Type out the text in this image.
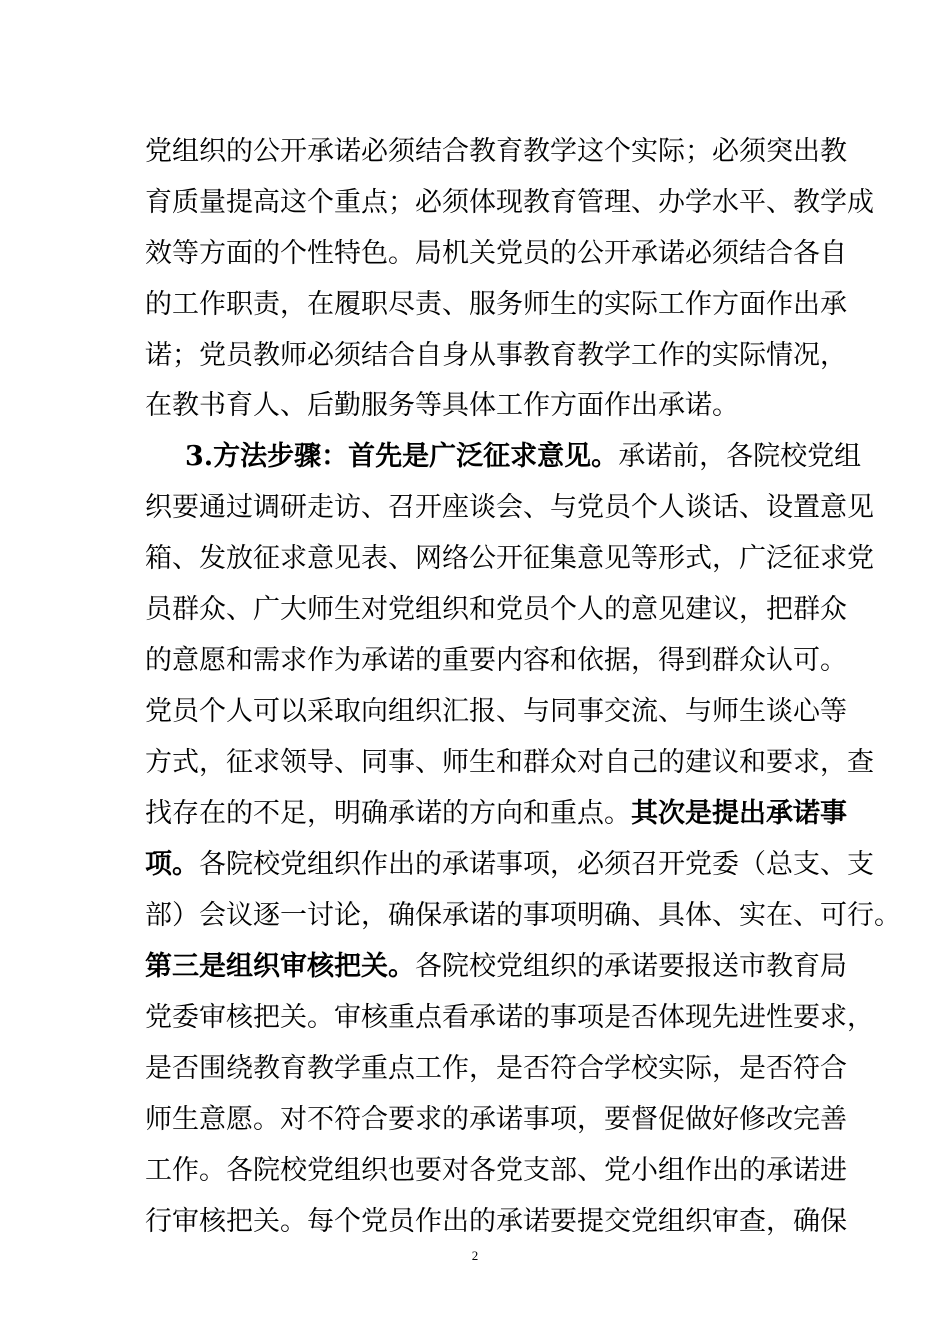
党组织的公开承诺必须结合教育教学这个实际；必须突出教
育质量提高这个重点；必须体现教育管理、办学水平、教学成
效等方面的个性特色。局机关党员的公开承诺必须结合各自
的工作职责，在履职尽责、服务师生的实际工作方面作出承
诺；党员教师必须结合自身从事教育教学工作的实际情况，
在教书育人、后勤服务等具体工作方面作出承诺。
3.方法步骤：首先是广泛征求意见。承诺前，各院校党组
织要通过调研走访、召开座谈会、与党员个人谈话、设置意见
箱、发放征求意见表、网络公开征集意见等形式，广泛征求党
员群众、广大师生对党组织和党员个人的意见建议，把群众
的意愿和需求作为承诺的重要内容和依据，得到群众认可。
党员个人可以采取向组织汇报、与同事交流、与师生谈心等
方式，征求领导、同事、师生和群众对自己的建议和要求，查
找存在的不足，明确承诺的方向和重点。其次是提出承诺事
项。各院校党组织作出的承诺事项，必须召开党委（总支、支
部）会议逐一讨论，确保承诺的事项明确、具体、实在、可行。
第三是组织审核把关。各院校党组织的承诺要报送市教育局
党委审核把关。审核重点看承诺的事项是否体现先进性要求，
是否围绕教育教学重点工作，是否符合学校实际，是否符合
师生意愿。对不符合要求的承诺事项，要督促做好修改完善
工作。各院校党组织也要对各党支部、党小组作出的承诺进
行审核把关。每个党员作出的承诺要提交党组织审查，确保
2
